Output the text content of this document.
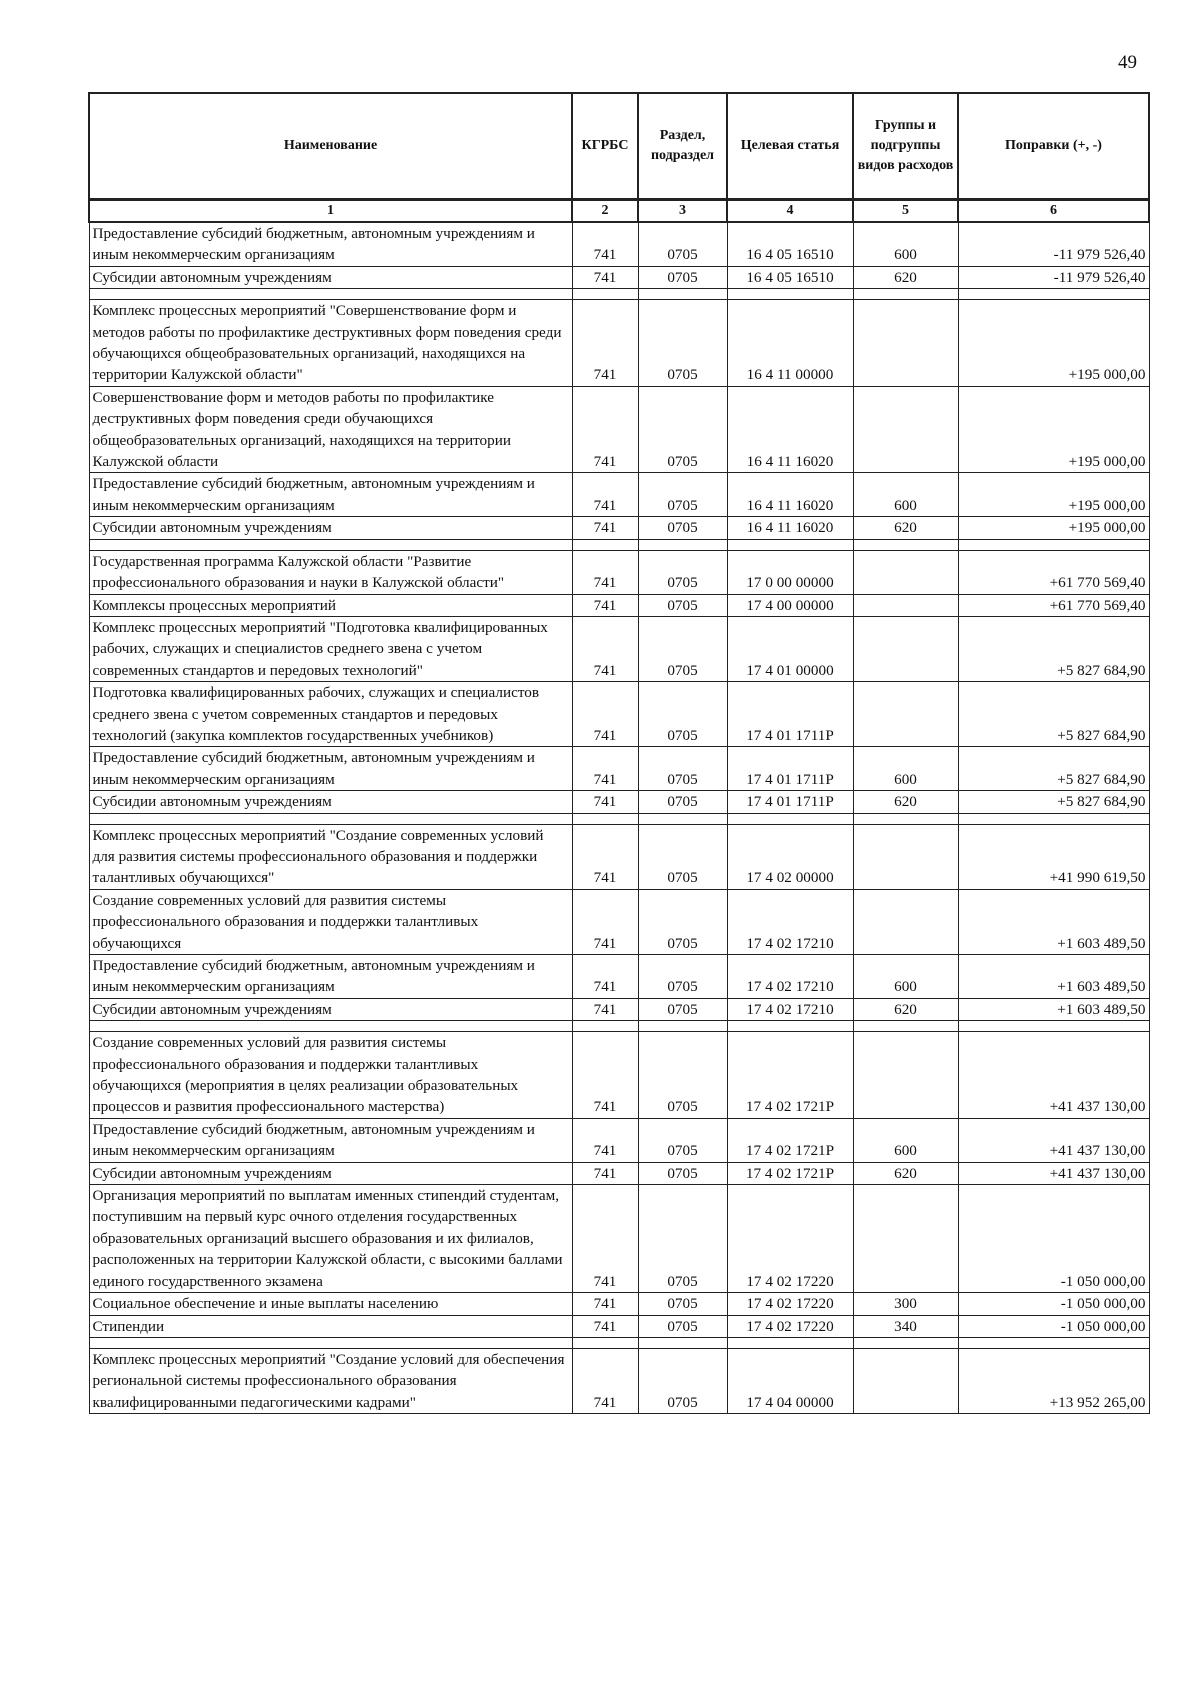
49
Наименование	КГРБС	Раздел, подраздел	Целевая статья	Группы и подгруппы видов расходов	Поправки (+, -)
1	2	3	4	5	6
Предоставление субсидий бюджетным, автономным учреждениям и иным некоммерческим организациям	741	0705	16 4 05 16510	600	-11 979 526,40
Субсидии автономным учреждениям	741	0705	16 4 05 16510	620	-11 979 526,40

Комплекс процессных мероприятий "Совершенствование форм и методов работы по профилактике деструктивных форм поведения среди обучающихся общеобразовательных организаций, находящихся на территории Калужской области"	741	0705	16 4 11 00000		+195 000,00
Совершенствование форм и методов работы по профилактике деструктивных форм поведения среди обучающихся общеобразовательных организаций, находящихся на территории Калужской области	741	0705	16 4 11 16020		+195 000,00
Предоставление субсидий бюджетным, автономным учреждениям и иным некоммерческим организациям	741	0705	16 4 11 16020	600	+195 000,00
Субсидии автономным учреждениям	741	0705	16 4 11 16020	620	+195 000,00

Государственная программа Калужской области "Развитие профессионального образования и науки в Калужской области"	741	0705	17 0 00 00000		+61 770 569,40
Комплексы процессных мероприятий	741	0705	17 4 00 00000		+61 770 569,40
Комплекс процессных мероприятий "Подготовка квалифицированных рабочих, служащих и специалистов среднего звена с учетом современных стандартов и передовых технологий"	741	0705	17 4 01 00000		+5 827 684,90
Подготовка квалифицированных рабочих, служащих и специалистов среднего звена с учетом современных стандартов и передовых технологий (закупка комплектов государственных учебников)	741	0705	17 4 01 1711P		+5 827 684,90
Предоставление субсидий бюджетным, автономным учреждениям и иным некоммерческим организациям	741	0705	17 4 01 1711P	600	+5 827 684,90
Субсидии автономным учреждениям	741	0705	17 4 01 1711P	620	+5 827 684,90

Комплекс процессных мероприятий "Создание современных условий для развития системы профессионального образования и поддержки талантливых обучающихся"	741	0705	17 4 02 00000		+41 990 619,50
Создание современных условий для развития системы профессионального образования и поддержки талантливых обучающихся	741	0705	17 4 02 17210		+1 603 489,50
Предоставление субсидий бюджетным, автономным учреждениям и иным некоммерческим организациям	741	0705	17 4 02 17210	600	+1 603 489,50
Субсидии автономным учреждениям	741	0705	17 4 02 17210	620	+1 603 489,50

Создание современных условий для развития системы профессионального образования и поддержки талантливых обучающихся (мероприятия в целях реализации образовательных процессов и развития профессионального мастерства)	741	0705	17 4 02 1721P		+41 437 130,00
Предоставление субсидий бюджетным, автономным учреждениям и иным некоммерческим организациям	741	0705	17 4 02 1721P	600	+41 437 130,00
Субсидии автономным учреждениям	741	0705	17 4 02 1721P	620	+41 437 130,00
Организация мероприятий по выплатам именных стипендий студентам, поступившим на первый курс очного отделения государственных образовательных организаций высшего образования и их филиалов, расположенных на территории Калужской области, с высокими баллами единого государственного экзамена	741	0705	17 4 02 17220		-1 050 000,00
Социальное обеспечение и иные выплаты населению	741	0705	17 4 02 17220	300	-1 050 000,00
Стипендии	741	0705	17 4 02 17220	340	-1 050 000,00

Комплекс процессных мероприятий "Создание условий для обеспечения региональной системы профессионального образования квалифицированными педагогическими кадрами"	741	0705	17 4 04 00000		+13 952 265,00
